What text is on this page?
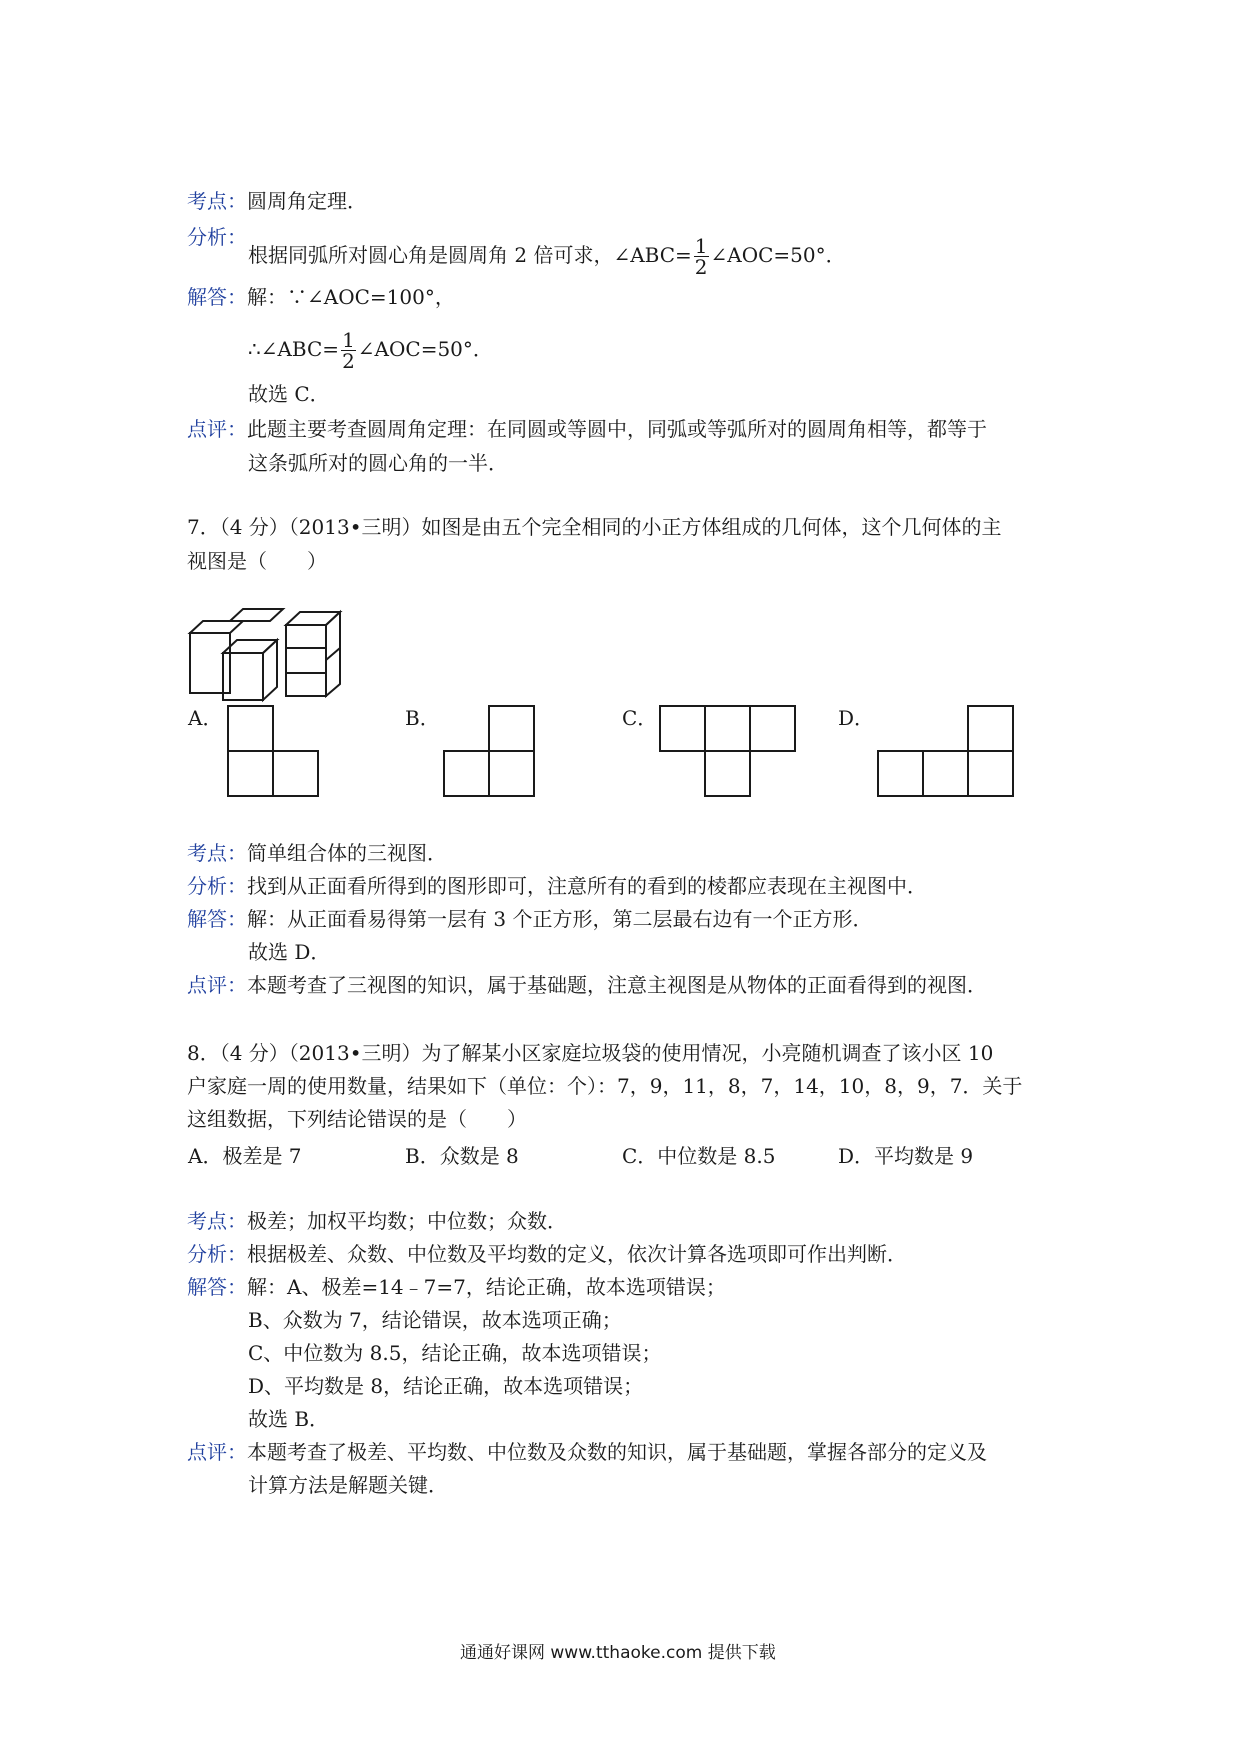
考点：圆周角定理．
分析：
根据同弧所对圆心角是圆周角 2 倍可求，∠ABC= $\frac{1}{2}$ ∠AOC=50°．
解答：解：∵∠AOC=100°，
∴∠ABC= $\frac{1}{2}$ ∠AOC=50°．
故选 C．
点评：此题主要考查圆周角定理：在同圆或等圆中，同弧或等弧所对的圆周角相等，都等于
这条弧所对的圆心角的一半．
7．（4 分）（2013•三明）如图是由五个完全相同的小正方体组成的几何体，这个几何体的主
视图是（　　）
A．	B．	C．	D．
考点：简单组合体的三视图．
分析：找到从正面看所得到的图形即可，注意所有的看到的棱都应表现在主视图中．
解答：解：从正面看易得第一层有 3 个正方形，第二层最右边有一个正方形．
故选 D．
点评：本题考查了三视图的知识，属于基础题，注意主视图是从物体的正面看得到的视图．
8．（4 分）（2013•三明）为了解某小区家庭垃圾袋的使用情况，小亮随机调查了该小区 10
户家庭一周的使用数量，结果如下（单位：个）：7，9，11，8，7，14，10，8，9，7．关于
这组数据，下列结论错误的是（　　）
A．极差是 7	B．众数是 8	C．中位数是 8.5	D．平均数是 9
考点：极差；加权平均数；中位数；众数．
分析：根据极差、众数、中位数及平均数的定义，依次计算各选项即可作出判断．
解答：解：A、极差=14﹣7=7，结论正确，故本选项错误；
B、众数为 7，结论错误，故本选项正确；
C、中位数为 8.5，结论正确，故本选项错误；
D、平均数是 8，结论正确，故本选项错误；
故选 B．
点评：本题考查了极差、平均数、中位数及众数的知识，属于基础题，掌握各部分的定义及
计算方法是解题关键．
通通好课网 www.tthaoke.com 提供下载
